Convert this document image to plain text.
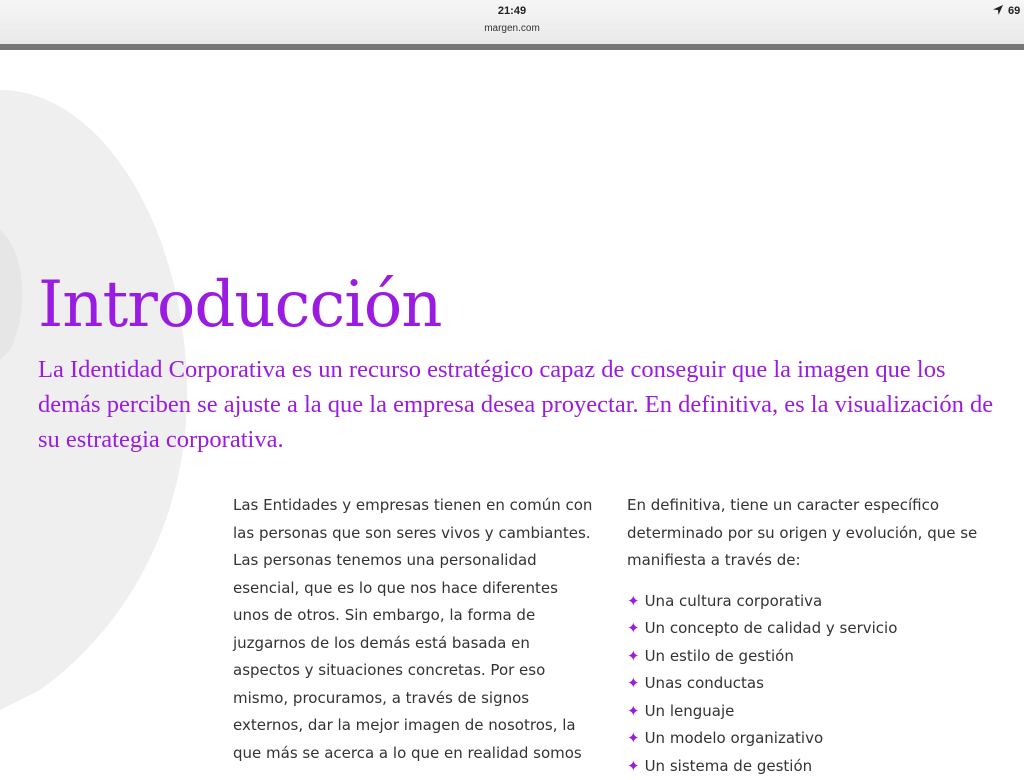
21:49
margen.com
69
Introducción

La Identidad Corporativa es un recurso estratégico capaz de conseguir que la imagen que los demás perciben se ajuste a la que la empresa desea proyectar. En definitiva, es la visualización de su estrategia corporativa.

Las Entidades y empresas tienen en común con las personas que son seres vivos y cambiantes. Las personas tenemos una personalidad esencial, que es lo que nos hace diferentes unos de otros. Sin embargo, la forma de juzgarnos de los demás está basada en aspectos y situaciones concretas. Por eso mismo, procuramos, a través de signos externos, dar la mejor imagen de nosotros, la que más se acerca a lo que en realidad somos

En definitiva, tiene un caracter específico determinado por su origen y evolución, que se manifiesta a través de:

✦ Una cultura corporativa
✦ Un concepto de calidad y servicio
✦ Un estilo de gestión
✦ Unas conductas
✦ Un lenguaje
✦ Un modelo organizativo
✦ Un sistema de gestión
